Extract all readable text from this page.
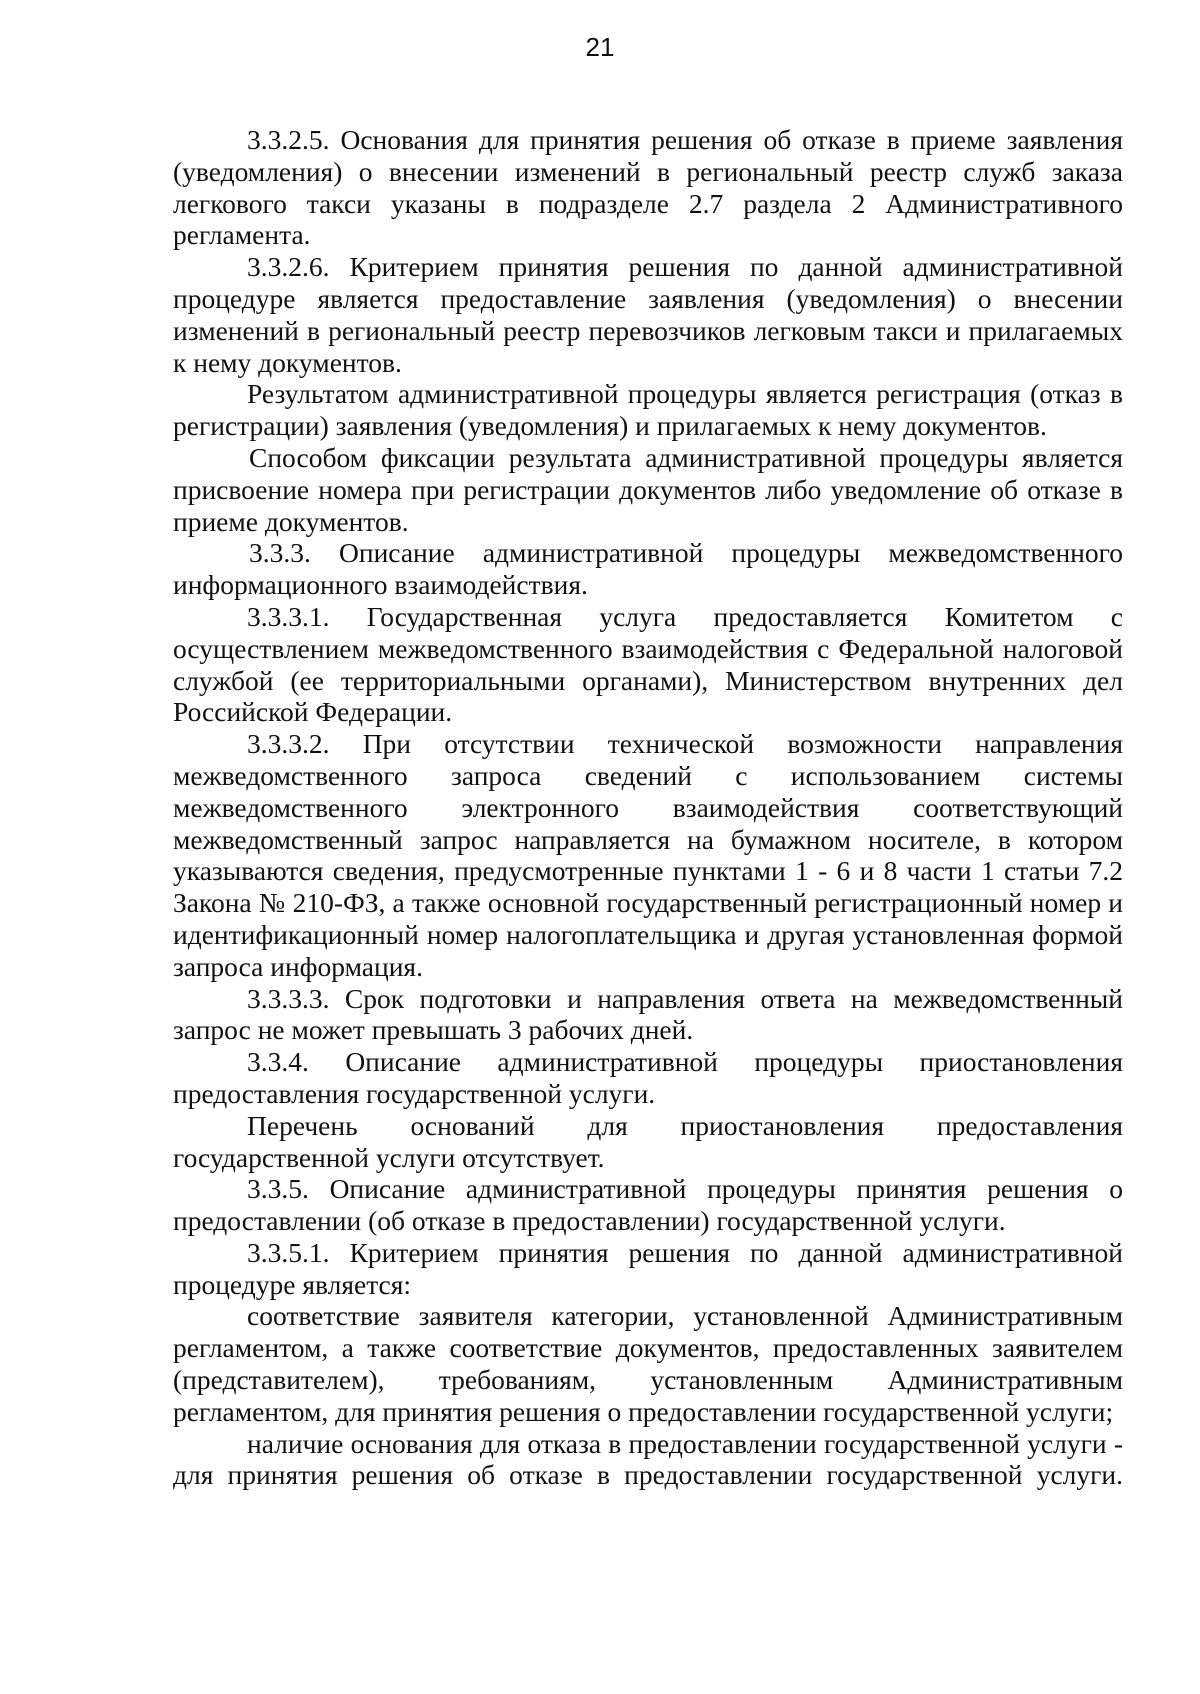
21

3.3.2.5. Основания для принятия решения об отказе в приеме заявления (уведомления) о внесении изменений в региональный реестр служб заказа легкового такси указаны в подразделе 2.7 раздела 2 Административного регламента.

3.3.2.6. Критерием принятия решения по данной административной процедуре является предоставление заявления (уведомления) о внесении изменений в региональный реестр перевозчиков легковым такси и прилагаемых к нему документов.

Результатом административной процедуры является регистрация (отказ в регистрации) заявления (уведомления) и прилагаемых к нему документов.

Способом фиксации результата административной процедуры является присвоение номера при регистрации документов либо уведомление об отказе в приеме документов.

3.3.3. Описание административной процедуры межведомственного информационного взаимодействия.

3.3.3.1. Государственная услуга предоставляется Комитетом с осуществлением межведомственного взаимодействия с Федеральной налоговой службой (ее территориальными органами), Министерством внутренних дел Российской Федерации.

3.3.3.2. При отсутствии технической возможности направления межведомственного запроса сведений с использованием системы межведомственного электронного взаимодействия соответствующий межведомственный запрос направляется на бумажном носителе, в котором указываются сведения, предусмотренные пунктами 1 - 6 и 8 части 1 статьи 7.2 Закона № 210-ФЗ, а также основной государственный регистрационный номер и идентификационный номер налогоплательщика и другая установленная формой запроса информация.

3.3.3.3. Срок подготовки и направления ответа на межведомственный запрос не может превышать 3 рабочих дней.

3.3.4. Описание административной процедуры приостановления предоставления государственной услуги.

Перечень оснований для приостановления предоставления государственной услуги отсутствует.

3.3.5. Описание административной процедуры принятия решения о предоставлении (об отказе в предоставлении) государственной услуги.

3.3.5.1. Критерием принятия решения по данной административной процедуре является:

соответствие заявителя категории, установленной Административным регламентом, а также соответствие документов, предоставленных заявителем (представителем), требованиям, установленным Административным регламентом, для принятия решения о предоставлении государственной услуги;

наличие основания для отказа в предоставлении государственной услуги - для принятия решения об отказе в предоставлении государственной услуги.
